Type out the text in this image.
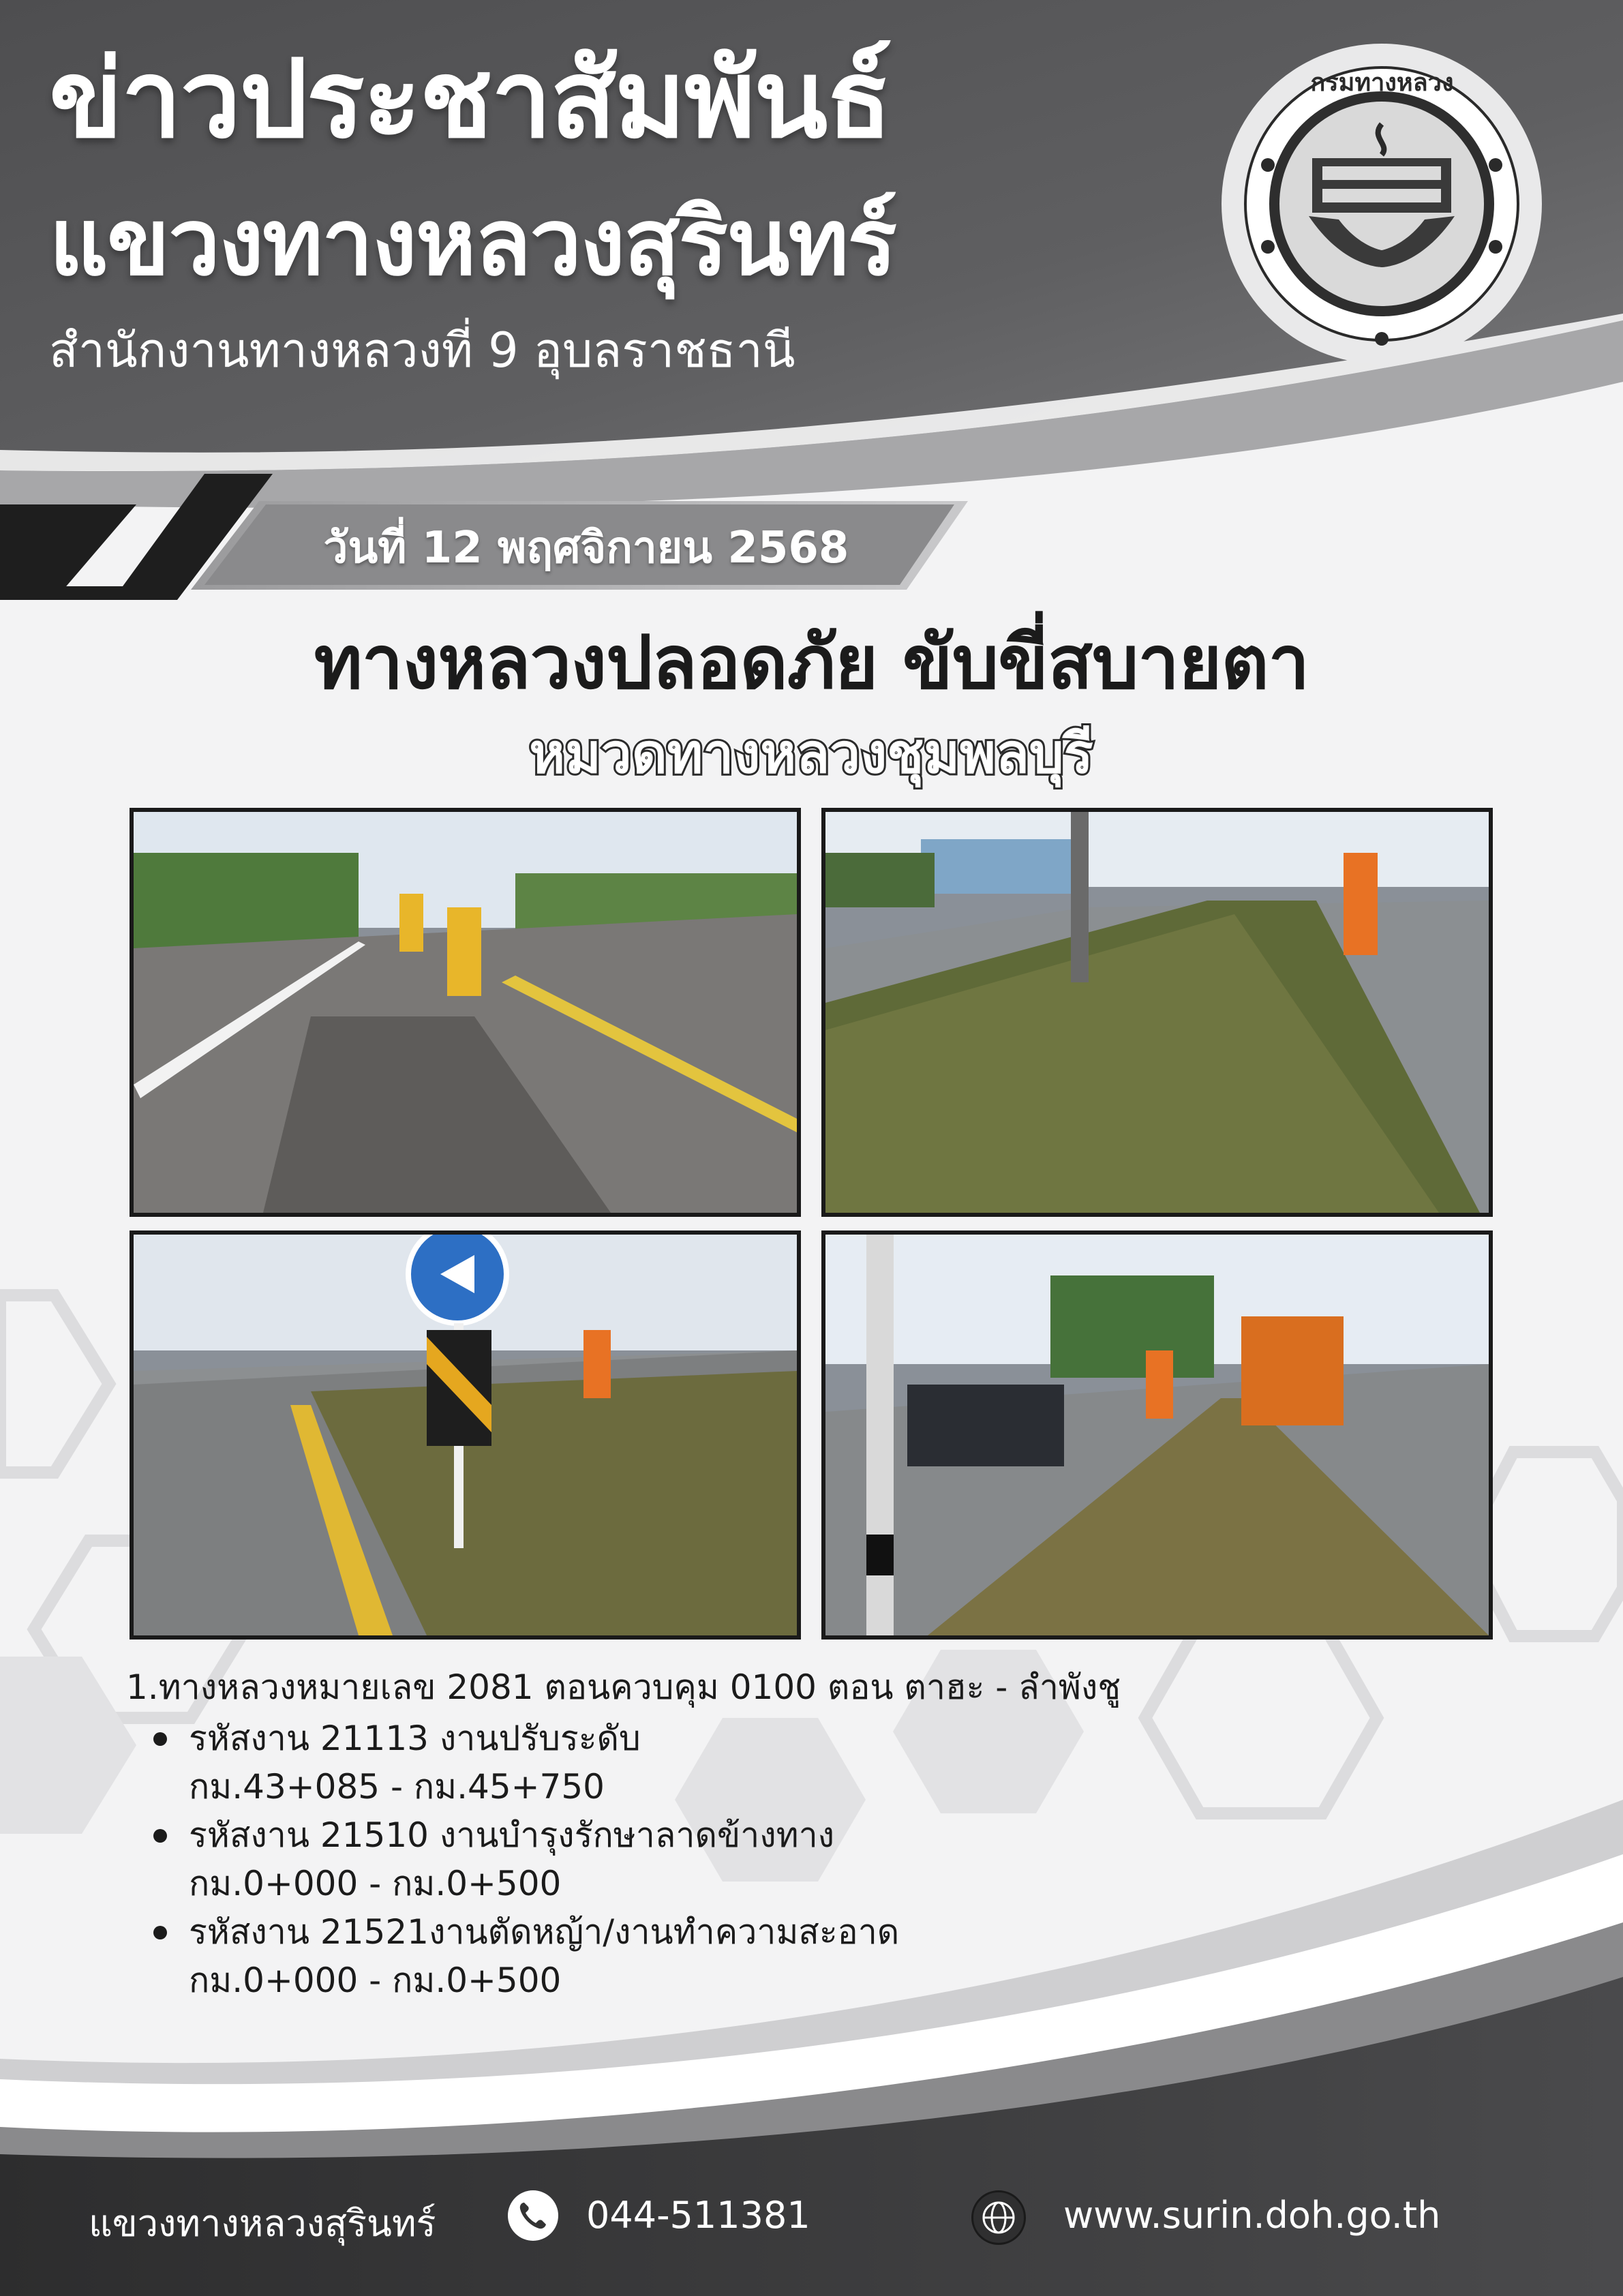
ข่าวประชาสัมพันธ์
แขวงทางหลวงสุรินทร์
สำนักงานทางหลวงที่ 9 อุบลราชธานี
กรมทางหลวง
วันที่ 12 พฤศจิกายน 2568
ทางหลวงปลอดภัย ขับขี่สบายตา
หมวดทางหลวงชุมพลบุรี
1.ทางหลวงหมายเลข 2081 ตอนควบคุม 0100 ตอน ตาฮะ - ลำพังชู
รหัสงาน 21113 งานปรับระดับ
กม.43+085 - กม.45+750
รหัสงาน 21510 งานบำรุงรักษาลาดข้างทาง
กม.0+000 - กม.0+500
รหัสงาน 21521งานตัดหญ้า/งานทำความสะอาด
กม.0+000 - กม.0+500
แขวงทางหลวงสุรินทร์	044-511381	www.surin.doh.go.th
